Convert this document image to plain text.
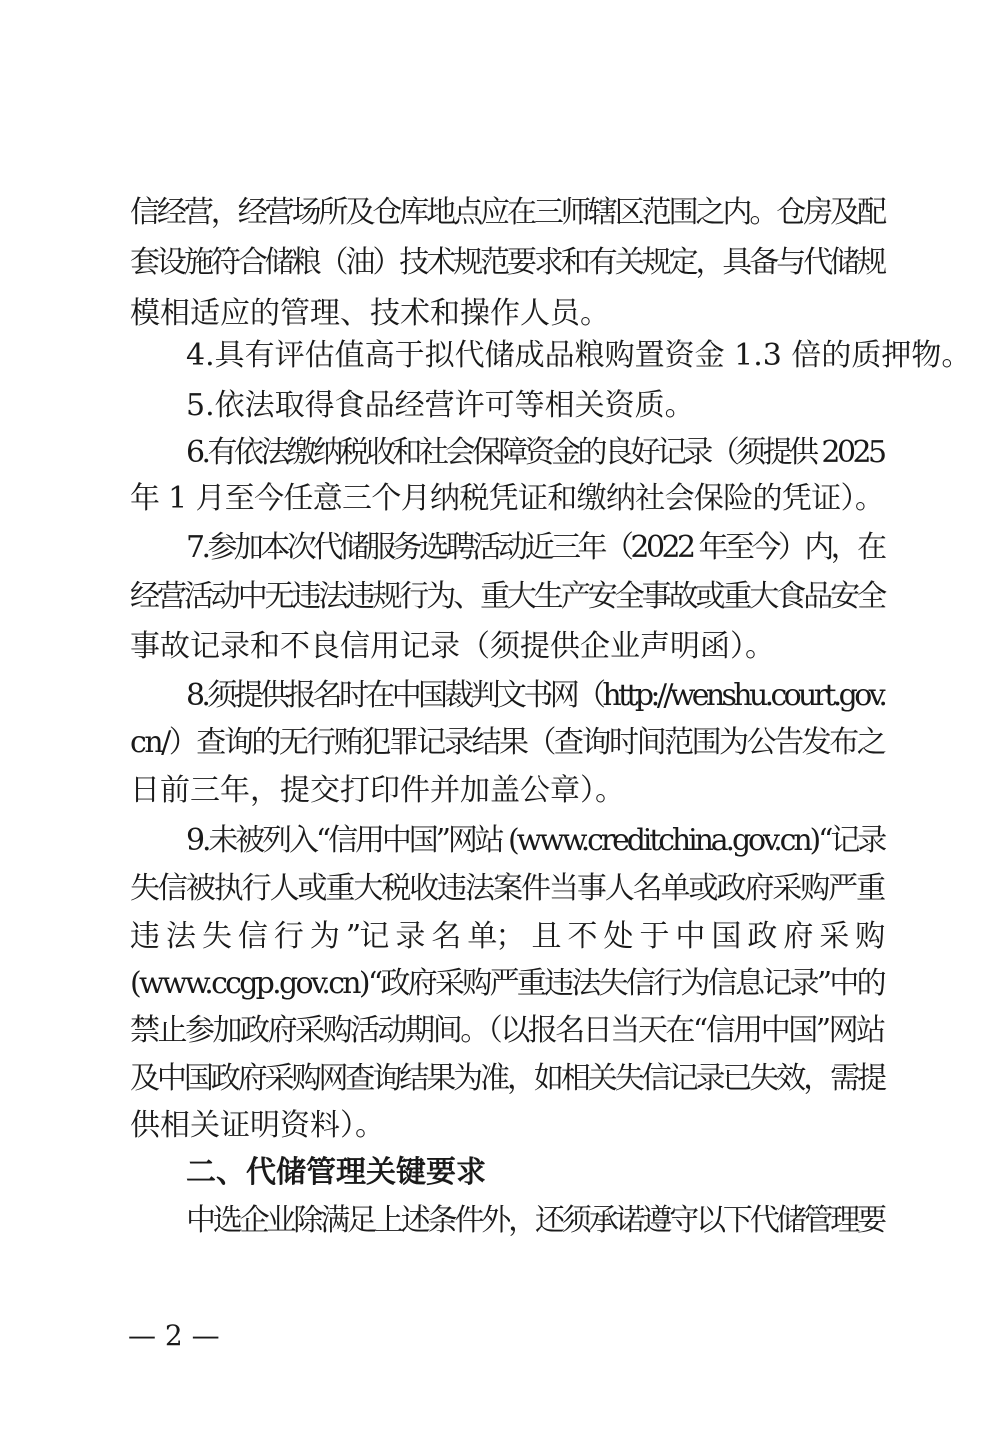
信经营，经营场所及仓库地点应在三师辖区范围之内。仓房及配
套设施符合储粮（油）技术规范要求和有关规定，具备与代储规
模相适应的管理、技术和操作人员。
4.具有评估值高于拟代储成品粮购置资金 1.3 倍的质押物。
5.依法取得食品经营许可等相关资质。
6.有依法缴纳税收和社会保障资金的良好记录（须提供 2025
年 1 月至今任意三个月纳税凭证和缴纳社会保险的凭证）。
7.参加本次代储服务选聘活动近三年（2022 年至今）内，在
经营活动中无违法违规行为、重大生产安全事故或重大食品安全
事故记录和不良信用记录（须提供企业声明函）。
8.须提供报名时在中国裁判文书网（http://wenshu.court.gov.
cn/）查询的无行贿犯罪记录结果（查询时间范围为公告发布之
日前三年，提交打印件并加盖公章）。
9.未被列入“信用中国”网站 (www.creditchina.gov.cn)“记录
失信被执行人或重大税收违法案件当事人名单或政府采购严重
违 法 失 信 行 为 ”记 录 名 单； 且 不 处 于 中 国 政 府 采 购
(www.ccgp.gov.cn)“政府采购严重违法失信行为信息记录”中的
禁止参加政府采购活动期间。（以报名日当天在“信用中国”网站
及中国政府采购网查询结果为准，如相关失信记录已失效，需提
供相关证明资料）。
二、代储管理关键要求
中选企业除满足上述条件外，还须承诺遵守以下代储管理要
— 2 —
